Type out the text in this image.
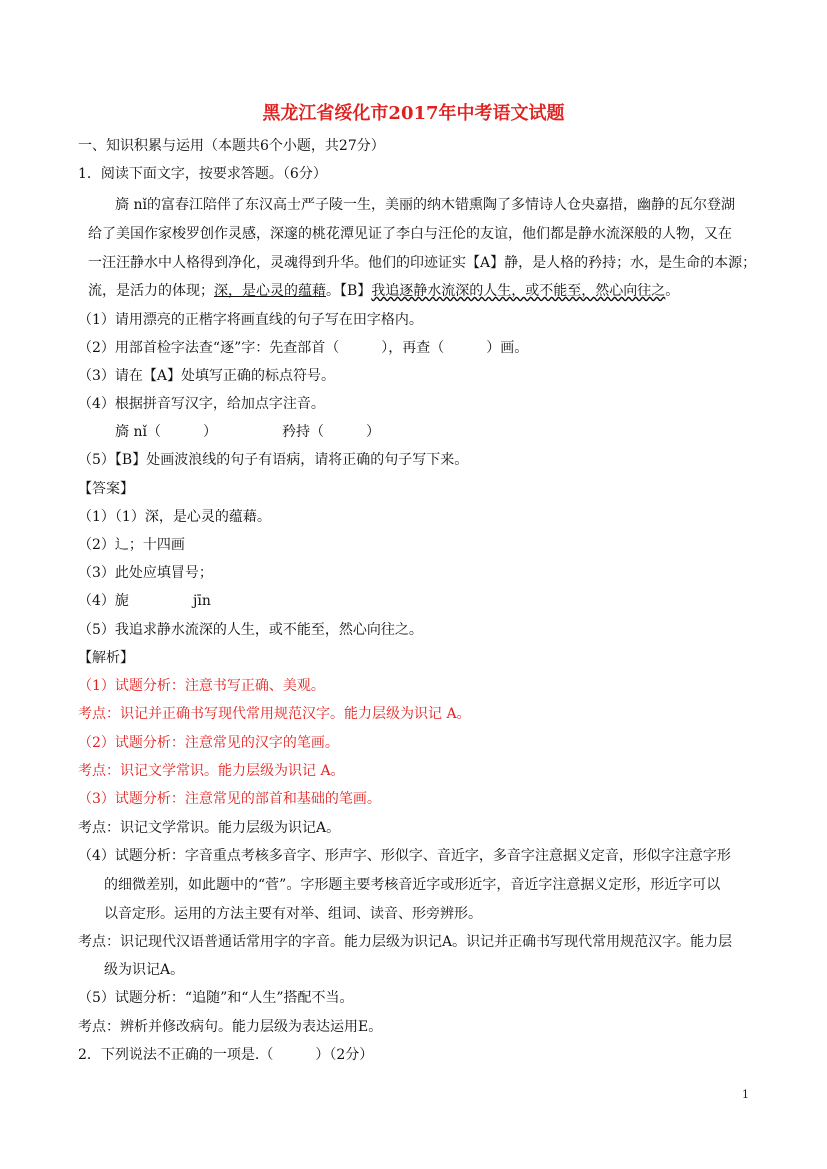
黑龙江省绥化市2017年中考语文试题
一、知识积累与运用（本题共6个小题，共27分）
1．阅读下面文字，按要求答题。（6分）
旖 nǐ的富春江陪伴了东汉高士严子陵一生，美丽的纳木错熏陶了多情诗人仓央嘉措，幽静的瓦尔登湖
给了美国作家梭罗创作灵感，深邃的桃花潭见证了李白与汪伦的友谊，他们都是静水流深般的人物，又在
一汪汪静水中人格得到净化，灵魂得到升华。他们的印迹证实【A】静，是人格的矜持；水，是生命的本源；
流，是活力的体现；深，是心灵的蕴藉。【B】我追逐静水流深的人生，或不能至，然心向往之。
（1）请用漂亮的正楷字将画直线的句子写在田字格内。
（2）用部首检字法查“逐”字：先查部首（　　　），再查（　　　）画。
（3）请在【A】处填写正确的标点符号。
（4）根据拼音写汉字，给加点字注音。
旖 nǐ（　　　）	矜持（　　　）
（5）【B】处画波浪线的句子有语病，请将正确的句子写下来。
【答案】
（1）（1）深，是心灵的蕴藉。
（2）辶；十四画
（3）此处应填冒号；
（4）旎	jīn
（5）我追求静水流深的人生，或不能至，然心向往之。
【解析】
（1）试题分析：注意书写正确、美观。
考点：识记并正确书写现代常用规范汉字。能力层级为识记 A。
（2）试题分析：注意常见的汉字的笔画。
考点：识记文学常识。能力层级为识记 A。
（3）试题分析：注意常见的部首和基础的笔画。
考点：识记文学常识。能力层级为识记A。
（4）试题分析：字音重点考核多音字、形声字、形似字、音近字，多音字注意据义定音，形似字注意字形
的细微差别，如此题中的“菅”。字形题主要考核音近字或形近字，音近字注意据义定形，形近字可以
以音定形。运用的方法主要有对举、组词、读音、形旁辨形。
考点：识记现代汉语普通话常用字的字音。能力层级为识记A。识记并正确书写现代常用规范汉字。能力层
级为识记A。
（5）试题分析：“追随”和“人生”搭配不当。
考点：辨析并修改病句。能力层级为表达运用E。
2．下列说法不正确的一项是.（　　　）（2分）
1
